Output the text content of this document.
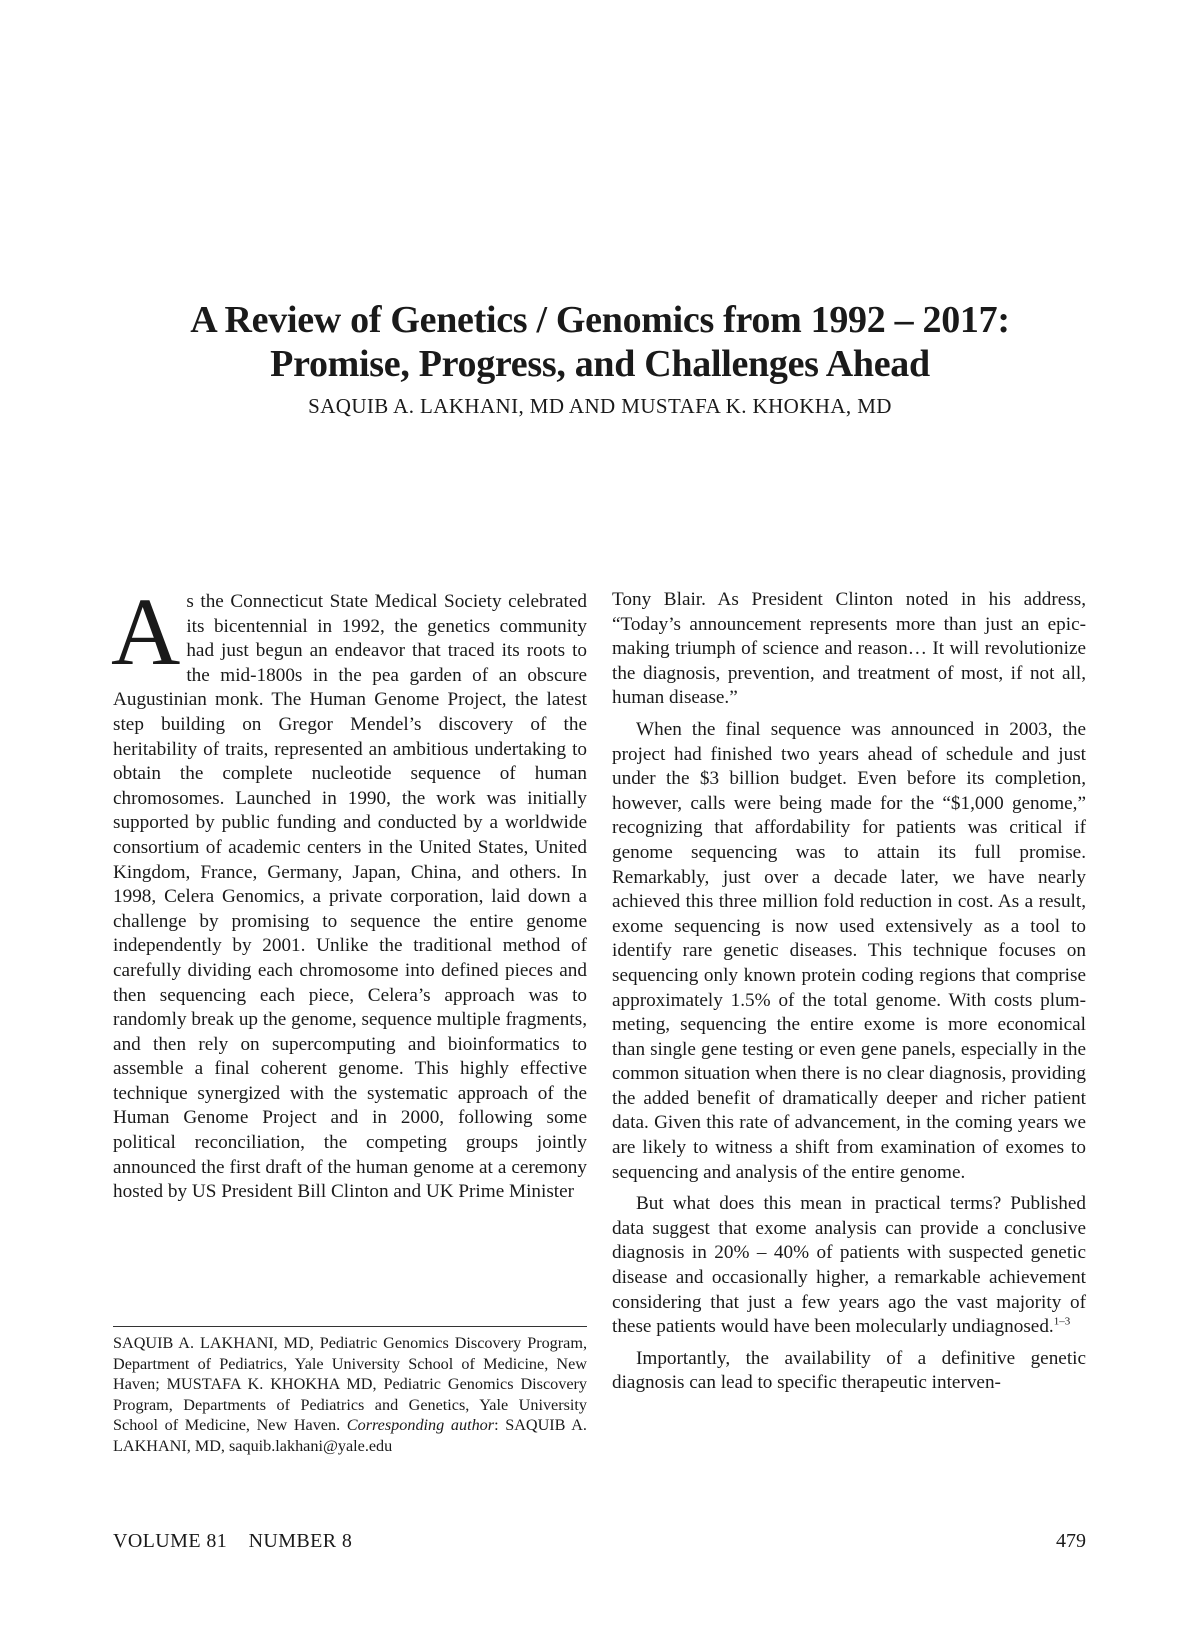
A Review of Genetics / Genomics from 1992 – 2017:
Promise, Progress, and Challenges Ahead

SAQUIB A. LAKHANI, MD AND MUSTAFA K. KHOKHA, MD

As the Connecticut State Medical Society celebrated its bicentennial in 1992, the genetics community had just begun an endeavor that traced its roots to the mid-1800s in the pea garden of an obscure Augustinian monk. The Human Genome Project, the latest step building on Gregor Mendel’s discovery of the heritability of traits, represented an ambitious undertaking to obtain the complete nucleotide sequence of human chromosomes. Launched in 1990, the work was initially supported by public funding and conducted by a worldwide consortium of academic centers in the United States, United Kingdom, France, Germany, Japan, China, and others. In 1998, Celera Genomics, a private corporation, laid down a challenge by promising to sequence the entire genome independently by 2001. Unlike the traditional method of carefully dividing each chromosome into defined pieces and then sequencing each piece, Celera’s approach was to randomly break up the genome, sequence multiple fragments, and then rely on supercomputing and bioinformatics to assemble a final coherent genome. This highly effective technique synergized with the systematic approach of the Human Genome Project and in 2000, following some political reconciliation, the competing groups jointly announced the first draft of the human genome at a ceremony hosted by US President Bill Clinton and UK Prime Minister

SAQUIB A. LAKHANI, MD, Pediatric Genomics Discovery Program, Department of Pediatrics, Yale University School of Medicine, New Haven; MUSTAFA K. KHOKHA MD, Pediatric Genomics Discovery Program, Departments of Pediatrics and Genetics, Yale University School of Medicine, New Haven. Corresponding author: SAQUIB A. LAKHANI, MD, saquib.lakhani@yale.edu

Tony Blair. As President Clinton noted in his address, “Today’s announcement represents more than just an epic-making triumph of science and reason… It will revolutionize the diagnosis, prevention, and treatment of most, if not all, human disease.”

When the final sequence was announced in 2003, the project had finished two years ahead of schedule and just under the $3 billion budget. Even before its completion, however, calls were being made for the “$1,000 genome,” recognizing that affordability for patients was critical if genome sequencing was to attain its full promise. Remarkably, just over a decade later, we have nearly achieved this three million fold reduction in cost. As a result, exome sequencing is now used extensively as a tool to identify rare genetic diseases. This technique focuses on sequencing only known protein coding regions that comprise approximately 1.5% of the total genome. With costs plummeting, sequencing the entire exome is more economical than single gene testing or even gene panels, especially in the common situation when there is no clear diagnosis, providing the added benefit of dramatically deeper and richer patient data. Given this rate of advancement, in the coming years we are likely to witness a shift from examination of exomes to sequencing and analysis of the entire genome.

But what does this mean in practical terms? Published data suggest that exome analysis can provide a conclusive diagnosis in 20% – 40% of patients with suspected genetic disease and occasionally higher, a remarkable achievement considering that just a few years ago the vast majority of these patients would have been molecularly undiagnosed.$^{1-3}$

Importantly, the availability of a definitive genetic diagnosis can lead to specific therapeutic interven-

VOLUME 81 NUMBER 8	479
